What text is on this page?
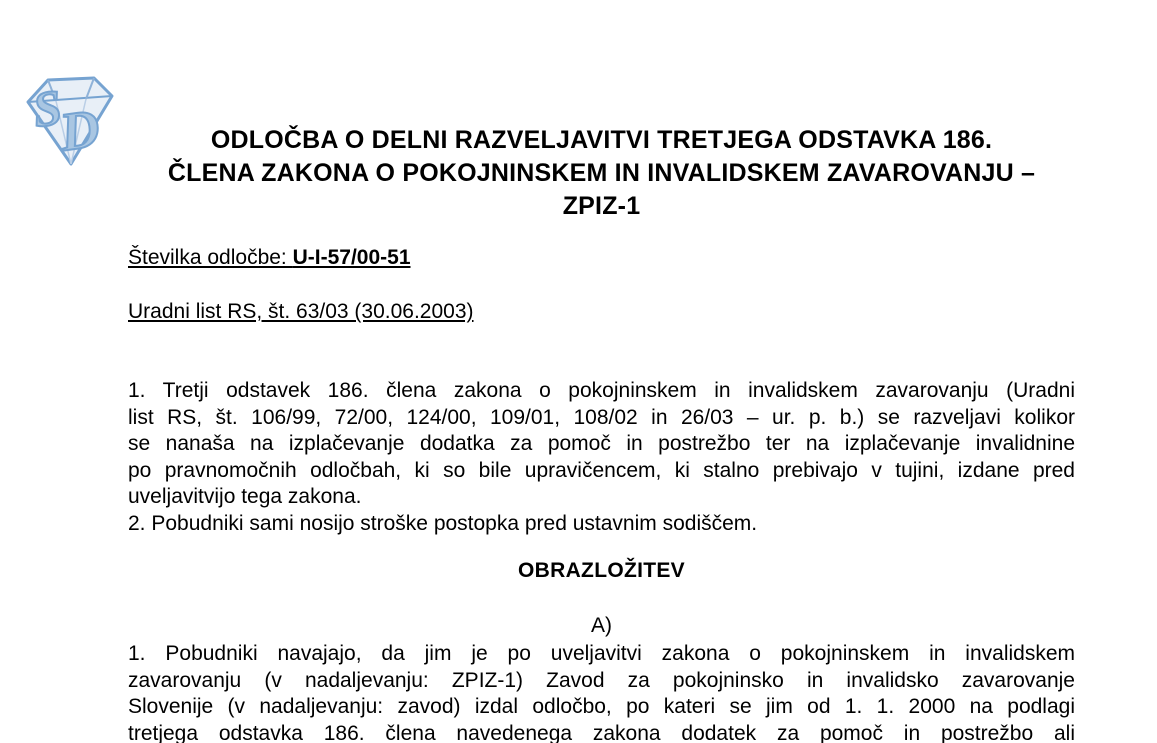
S
D	ODLOČBA O DELNI RAZVELJAVITVI TRETJEGA ODSTAVKA 186.
ČLENA ZAKONA O POKOJNINSKEM IN INVALIDSKEM ZAVAROVANJU –
ZPIZ-1
Številka odločbe: U-I-57/00-51
Uradni list RS, št. 63/03 (30.06.2003)
1. Tretji odstavek 186. člena zakona o pokojninskem in invalidskem zavarovanju (Uradni
list RS, št. 106/99, 72/00, 124/00, 109/01, 108/02 in 26/03 – ur. p. b.) se razveljavi kolikor
se nanaša na izplačevanje dodatka za pomoč in postrežbo ter na izplačevanje invalidnine
po pravnomočnih odločbah, ki so bile upravičencem, ki stalno prebivajo v tujini, izdane pred
uveljavitvijo tega zakona.
2. Pobudniki sami nosijo stroške postopka pred ustavnim sodiščem.
OBRAZLOŽITEV
A)
1. Pobudniki navajajo, da jim je po uveljavitvi zakona o pokojninskem in invalidskem
zavarovanju (v nadaljevanju: ZPIZ-1) Zavod za pokojninsko in invalidsko zavarovanje
Slovenije (v nadaljevanju: zavod) izdal odločbo, po kateri se jim od 1. 1. 2000 na podlagi
tretjega odstavka 186. člena navedenega zakona dodatek za pomoč in postrežbo ali
